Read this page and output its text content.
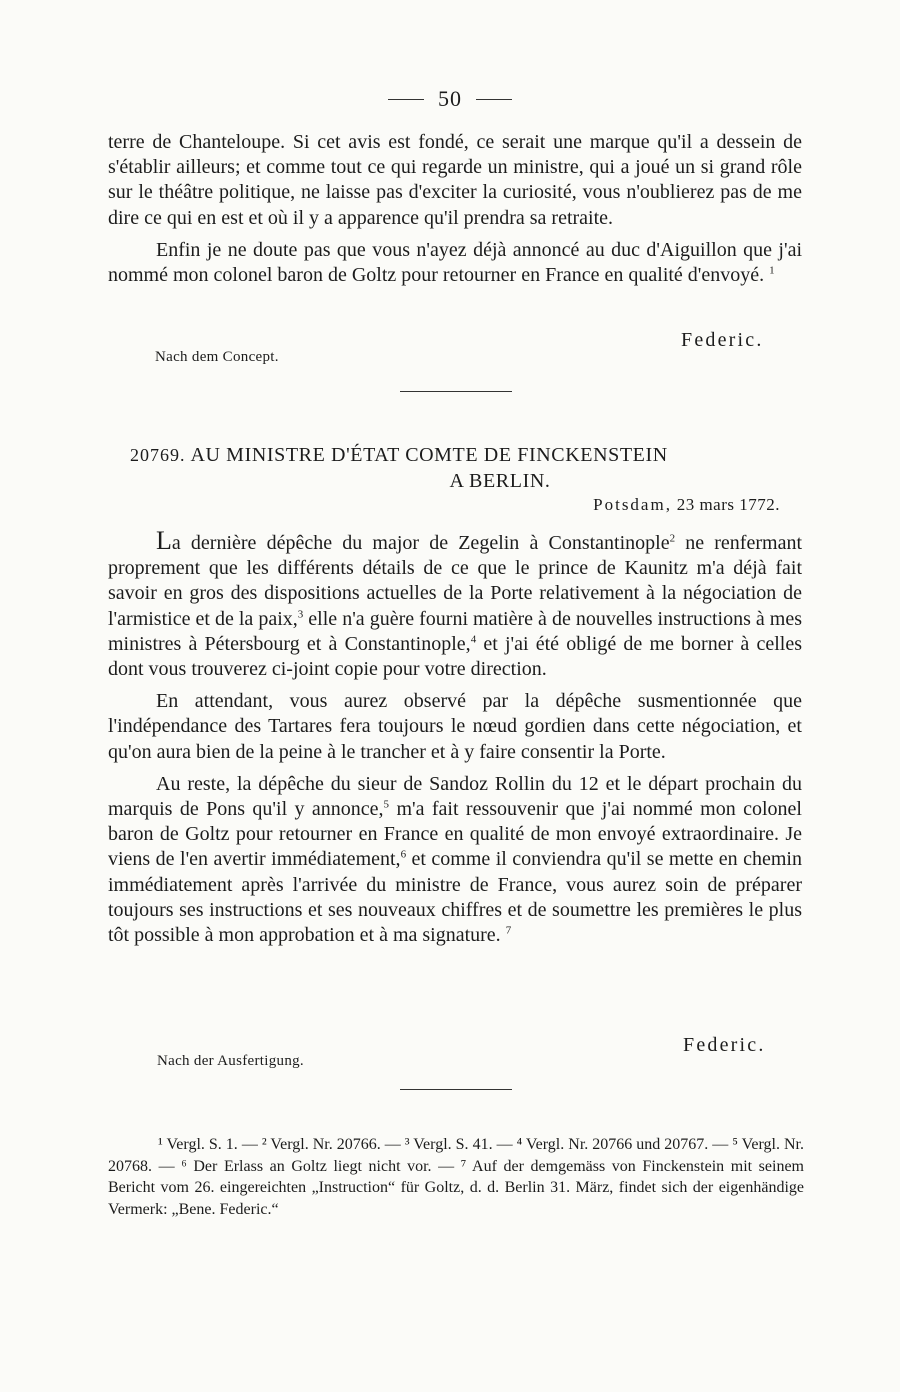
50

terre de Chanteloupe. Si cet avis est fondé, ce serait une marque qu'il a dessein de s'établir ailleurs; et comme tout ce qui regarde un ministre, qui a joué un si grand rôle sur le théâtre politique, ne laisse pas d'exciter la curiosité, vous n'oublierez pas de me dire ce qui en est et où il y a apparence qu'il prendra sa retraite.

Enfin je ne doute pas que vous n'ayez déjà annoncé au duc d'Aiguillon que j'ai nommé mon colonel baron de Goltz pour retourner en France en qualité d'envoyé. $^1$

Federic.
Nach dem Concept.
20769. AU MINISTRE D'ÉTAT COMTE DE FINCKENSTEIN
A BERLIN.
Potsdam, 23 mars 1772.

La dernière dépêche du major de Zegelin à Constantinople$^2$ ne renfermant proprement que les différents détails de ce que le prince de Kaunitz m'a déjà fait savoir en gros des dispositions actuelles de la Porte relativement à la négociation de l'armistice et de la paix,$^3$ elle n'a guère fourni matière à de nouvelles instructions à mes ministres à Pétersbourg et à Constantinople,$^4$ et j'ai été obligé de me borner à celles dont vous trouverez ci-joint copie pour votre direction.

En attendant, vous aurez observé par la dépêche susmentionnée que l'indépendance des Tartares fera toujours le nœud gordien dans cette négociation, et qu'on aura bien de la peine à le trancher et à y faire consentir la Porte.

Au reste, la dépêche du sieur de Sandoz Rollin du 12 et le départ prochain du marquis de Pons qu'il y annonce,$^5$ m'a fait ressouvenir que j'ai nommé mon colonel baron de Goltz pour retourner en France en qualité de mon envoyé extraordinaire. Je viens de l'en avertir immédiatement,$^6$ et comme il conviendra qu'il se mette en chemin immédiatement après l'arrivée du ministre de France, vous aurez soin de préparer toujours ses instructions et ses nouveaux chiffres et de soumettre les premières le plus tôt possible à mon approbation et à ma signature. $^7$

Federic.
Nach der Ausfertigung.
¹ Vergl. S. 1. — ² Vergl. Nr. 20766. — ³ Vergl. S. 41. — ⁴ Vergl. Nr. 20766 und 20767. — ⁵ Vergl. Nr. 20768. — ⁶ Der Erlass an Goltz liegt nicht vor. — ⁷ Auf der demgemäss von Finckenstein mit seinem Bericht vom 26. eingereichten „Instruction“ für Goltz, d. d. Berlin 31. März, findet sich der eigenhändige Vermerk: „Bene. Federic.“
